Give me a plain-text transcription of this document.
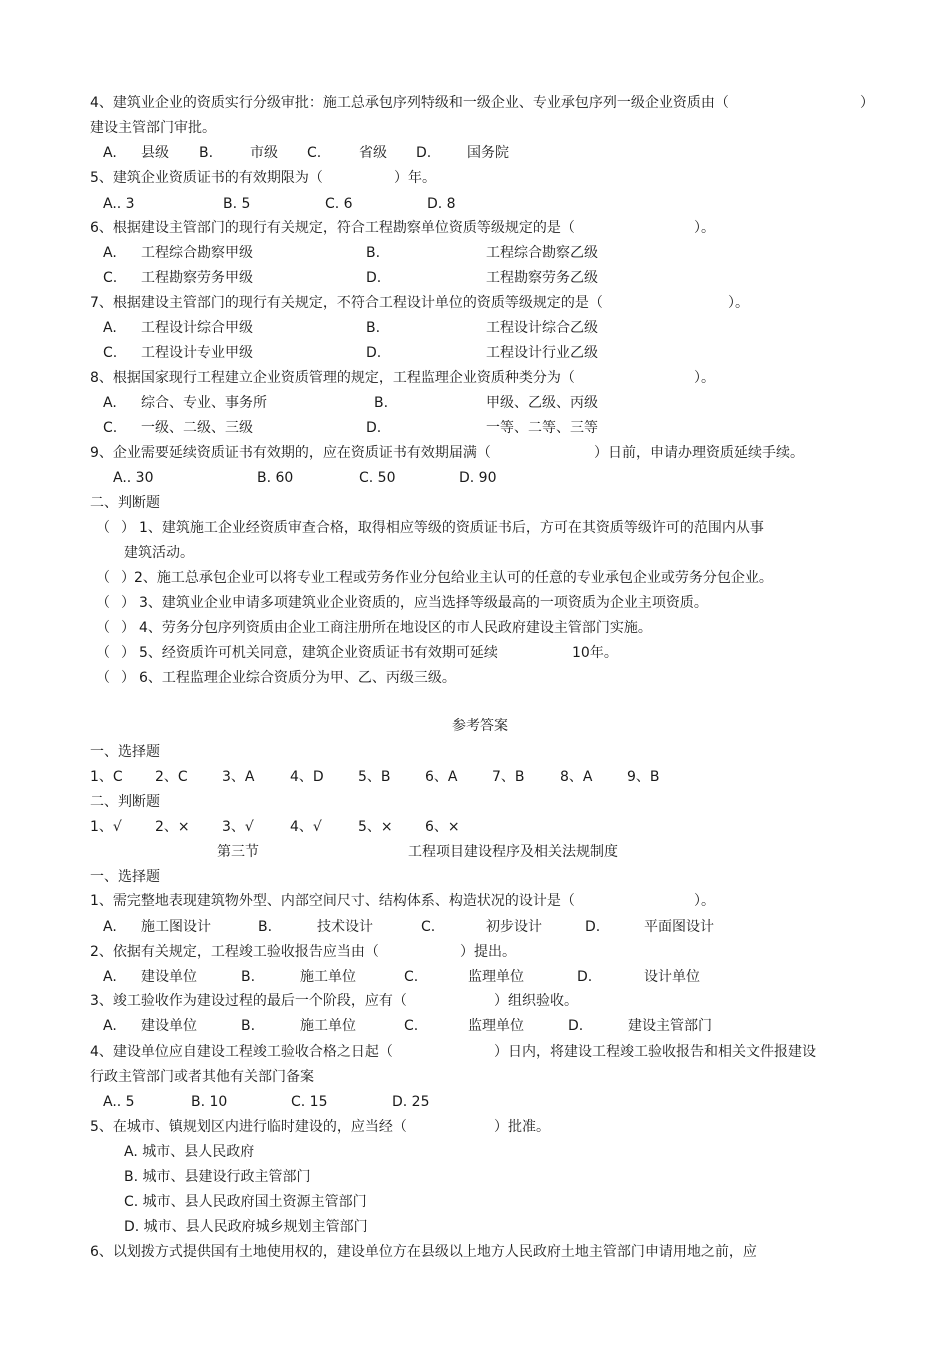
4、建筑业企业的资质实行分级审批：施工总承包序列特级和一级企业、专业承包序列一级企业资质由（	）
建设主管部门审批。
A. 县级 B.	市级 C.	省级 D.	国务院
5、建筑企业资质证书的有效期限为（	）年。
A.. 3	B. 5	C. 6	D. 8
6、根据建设主管部门的现行有关规定，符合工程勘察单位资质等级规定的是（	）。
A. 工程综合勘察甲级	B.	工程综合勘察乙级
C. 工程勘察劳务甲级	D.	工程勘察劳务乙级
7、根据建设主管部门的现行有关规定，不符合工程设计单位的资质等级规定的是（	）。
A. 工程设计综合甲级	B.	工程设计综合乙级
C. 工程设计专业甲级	D.	工程设计行业乙级
8、根据国家现行工程建立企业资质管理的规定，工程监理企业资质种类分为（	）。
A. 综合、专业、事务所	B.	甲级、乙级、丙级
C. 一级、二级、三级	D.	一等、二等、三等
9、企业需要延续资质证书有效期的，应在资质证书有效期届满（	）日前，申请办理资质延续手续。
A.. 30	B. 60	C. 50	D. 90
二、判断题
（ ） 1、建筑施工企业经资质审查合格，取得相应等级的资质证书后，方可在其资质等级许可的范围内从事
建筑活动。
（ ） 2、施工总承包企业可以将专业工程或劳务作业分包给业主认可的任意的专业承包企业或劳务分包企业。
（ ） 3、建筑业企业申请多项建筑业企业资质的，应当选择等级最高的一项资质为企业主项资质。
（ ） 4、劳务分包序列资质由企业工商注册所在地设区的市人民政府建设主管部门实施。
（ ） 5、经资质许可机关同意，建筑企业资质证书有效期可延续	10年。
（ ） 6、工程监理企业综合资质分为甲、乙、丙级三级。
参考答案
一、选择题
1、C 2、C 3、A	4、D 5、B 6、A 7、B	8、A 9、B
二、判断题
1、√ 2、× 3、√	4、√	5、× 6、×
第三节	工程项目建设程序及相关法规制度
一、选择题
1、需完整地表现建筑物外型、内部空间尺寸、结构体系、构造状况的设计是（	）。
A. 施工图设计	B.	技术设计	C.	初步设计	D.	平面图设计
2、依据有关规定，工程竣工验收报告应当由（	）提出。
A. 建设单位	B.	施工单位	C.	监理单位	D.	设计单位
3、竣工验收作为建设过程的最后一个阶段，应有（	）组织验收。
A. 建设单位	B.	施工单位	C.	监理单位	D.	建设主管部门
4、建设单位应自建设工程竣工验收合格之日起（	）日内，将建设工程竣工验收报告和相关文件报建设
行政主管部门或者其他有关部门备案
A.. 5	B. 10	C. 15	D. 25
5、在城市、镇规划区内进行临时建设的，应当经（	）批准。
A. 城市、县人民政府
B. 城市、县建设行政主管部门
C. 城市、县人民政府国土资源主管部门
D. 城市、县人民政府城乡规划主管部门
6、以划拨方式提供国有土地使用权的，建设单位方在县级以上地方人民政府土地主管部门申请用地之前，应
